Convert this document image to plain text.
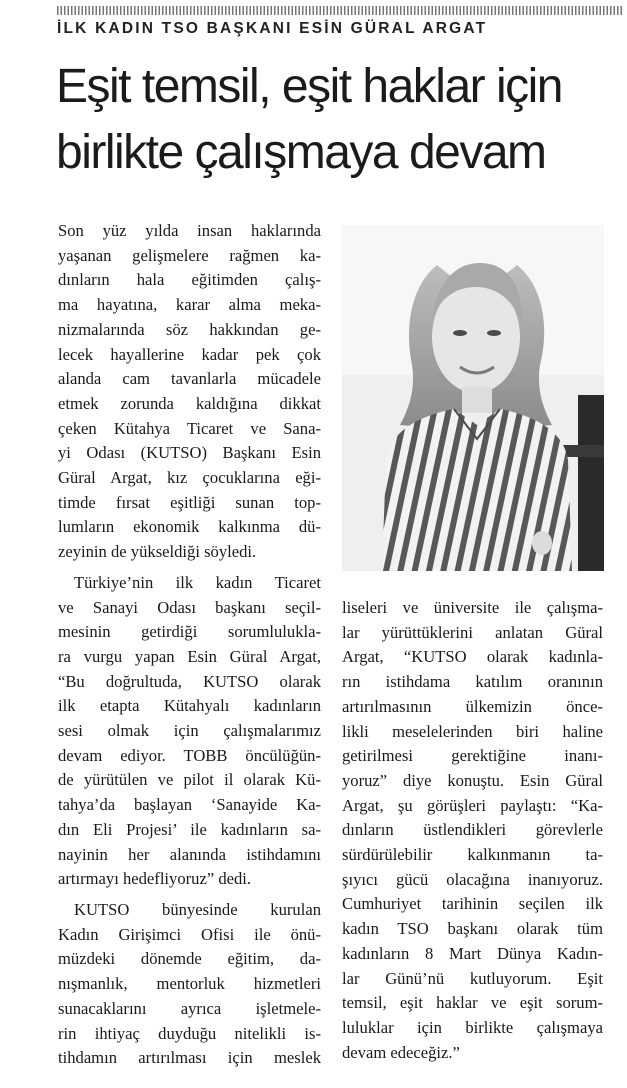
İLK KADIN TSO BAŞKANI ESİN GÜRAL ARGAT
Eşit temsil, eşit haklar için
birlikte çalışmaya devam
Son yüz yılda insan haklarında
yaşanan gelişmelere rağmen ka-
dınların hala eğitimden çalış-
ma hayatına, karar alma meka-
nizmalarında söz hakkından ge-
lecek hayallerine kadar pek çok
alanda cam tavanlarla mücadele
etmek zorunda kaldığına dikkat
çeken Kütahya Ticaret ve Sana-
yi Odası (KUTSO) Başkanı Esin
Güral Argat, kız çocuklarına eği-
timde fırsat eşitliği sunan top-
lumların ekonomik kalkınma dü-
zeyinin de yükseldiği söyledi.
Türkiye’nin ilk kadın Ticaret
ve Sanayi Odası başkanı seçil-
mesinin getirdiği sorumlulukla-
ra vurgu yapan Esin Güral Argat,
“Bu doğrultuda, KUTSO olarak
ilk etapta Kütahyalı kadınların
sesi olmak için çalışmalarımız
devam ediyor. TOBB öncülüğün-
de yürütülen ve pilot il olarak Kü-
tahya’da başlayan ‘Sanayide Ka-
dın Eli Projesi’ ile kadınların sa-
nayinin her alanında istihdamını
artırmayı hedefliyoruz” dedi.
KUTSO bünyesinde kurulan
Kadın Girişimci Ofisi ile önü-
müzdeki dönemde eğitim, da-
nışmanlık, mentorluk hizmetleri
sunacaklarını ayrıca işletmele-
rin ihtiyaç duyduğu nitelikli is-
tihdamın artırılması için meslek
liseleri ve üniversite ile çalışma-
lar yürüttüklerini anlatan Güral
Argat, “KUTSO olarak kadınla-
rın istihdama katılım oranının
artırılmasının ülkemizin önce-
likli meselelerinden biri haline
getirilmesi gerektiğine inanı-
yoruz” diye konuştu. Esin Güral
Argat, şu görüşleri paylaştı: “Ka-
dınların üstlendikleri görevlerle
sürdürülebilir kalkınmanın ta-
şıyıcı gücü olacağına inanıyoruz.
Cumhuriyet tarihinin seçilen ilk
kadın TSO başkanı olarak tüm
kadınların 8 Mart Dünya Kadın-
lar Günü’nü kutluyorum. Eşit
temsil, eşit haklar ve eşit sorum-
luluklar için birlikte çalışmaya
devam edeceğiz.”
